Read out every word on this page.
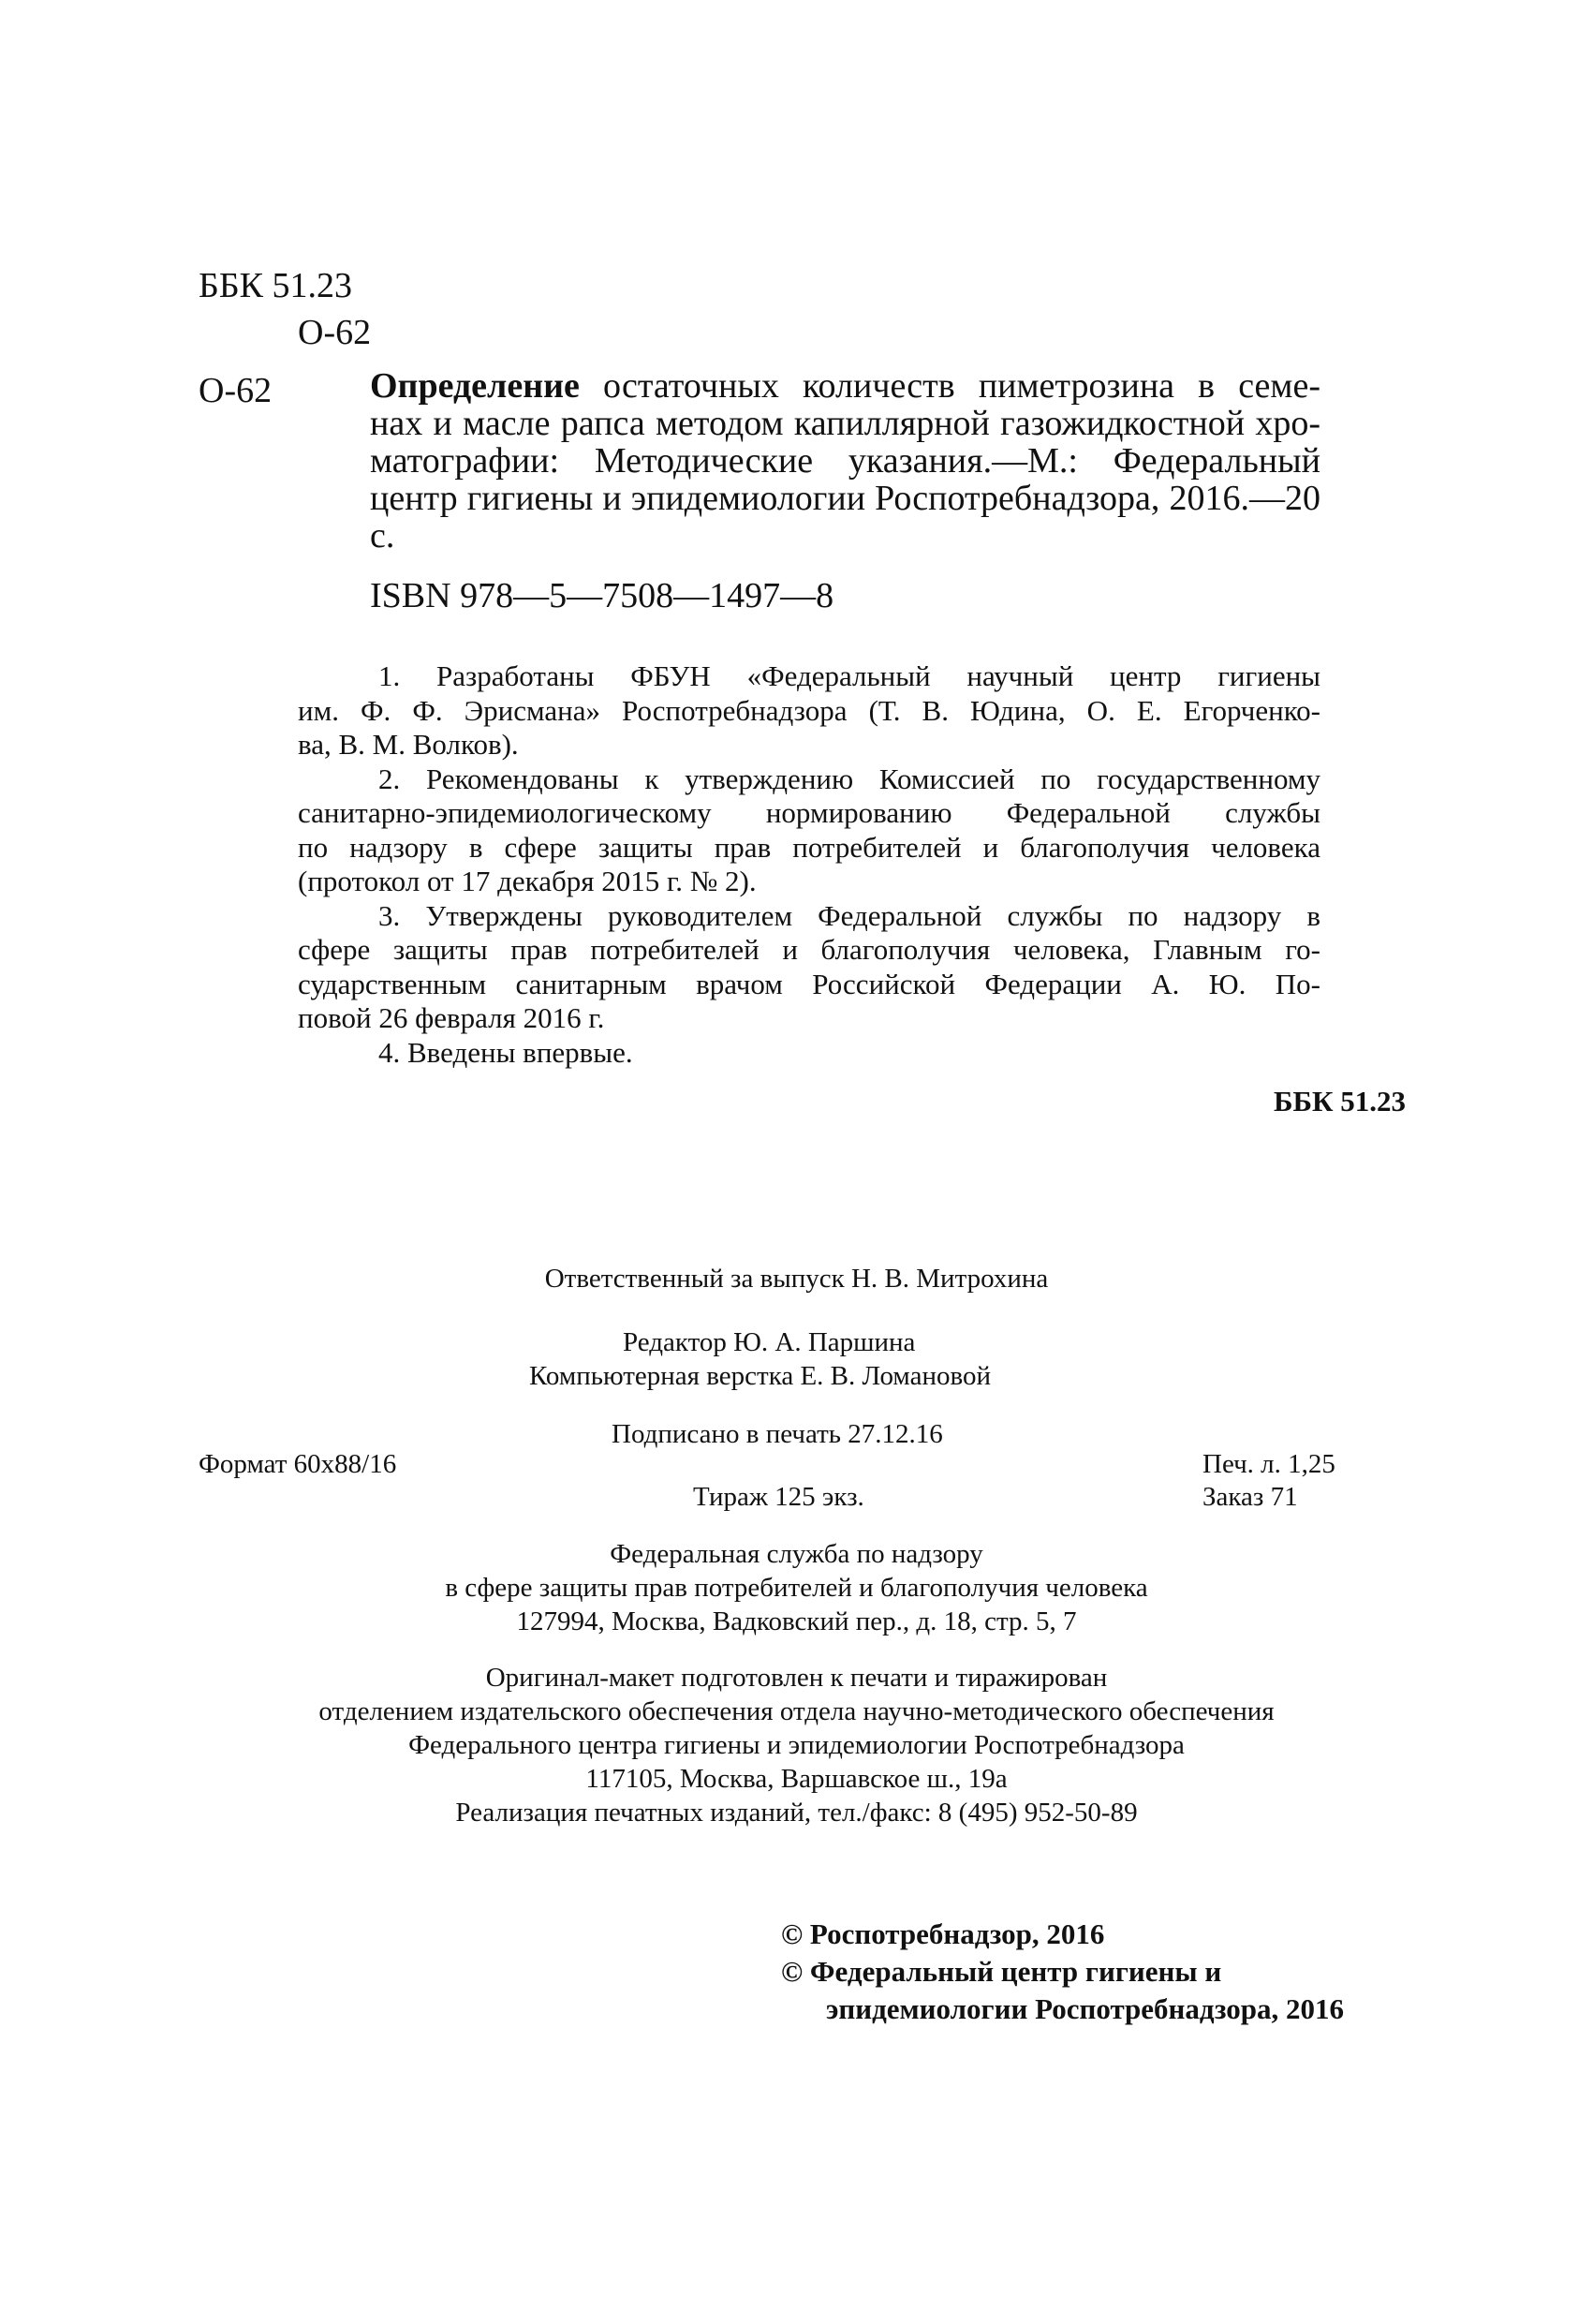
ББК 51.23
О-62
О-62	Определение остаточных количеств пиметрозина в семе-
нах и масле рапса методом капиллярной газожидкостной хро-
матографии: Методические указания.—М.: Федеральный
центр гигиены и эпидемиологии Роспотребнадзора, 2016.—20 с.
ISBN 978—5—7508—1497—8
1. Разработаны ФБУН «Федеральный научный центр гигиены
им. Ф. Ф. Эрисмана» Роспотребнадзора (Т. В. Юдина, О. Е. Егорченко-
ва, В. М. Волков).
2. Рекомендованы к утверждению Комиссией по государственному
санитарно-эпидемиологическому нормированию Федеральной службы
по надзору в сфере защиты прав потребителей и благополучия человека
(протокол от 17 декабря 2015 г. № 2).
3. Утверждены руководителем Федеральной службы по надзору в
сфере защиты прав потребителей и благополучия человека, Главным го-
сударственным санитарным врачом Российской Федерации А. Ю. По-
повой 26 февраля 2016 г.
4. Введены впервые.
ББК 51.23
Ответственный за выпуск Н. В. Митрохина
Редактор Ю. А. Паршина
Компьютерная верстка Е. В. Ломановой
Подписано в печать 27.12.16
Формат 60х88/16	Печ. л. 1,25
Тираж 125 экз.	Заказ 71
Федеральная служба по надзору
в сфере защиты прав потребителей и благополучия человека
127994, Москва, Вадковский пер., д. 18, стр. 5, 7
Оригинал-макет подготовлен к печати и тиражирован
отделением издательского обеспечения отдела научно-методического обеспечения
Федерального центра гигиены и эпидемиологии Роспотребнадзора
117105, Москва, Варшавское ш., 19а
Реализация печатных изданий, тел./факс: 8 (495) 952-50-89
© Роспотребнадзор, 2016
© Федеральный центр гигиены и
эпидемиологии Роспотребнадзора, 2016
